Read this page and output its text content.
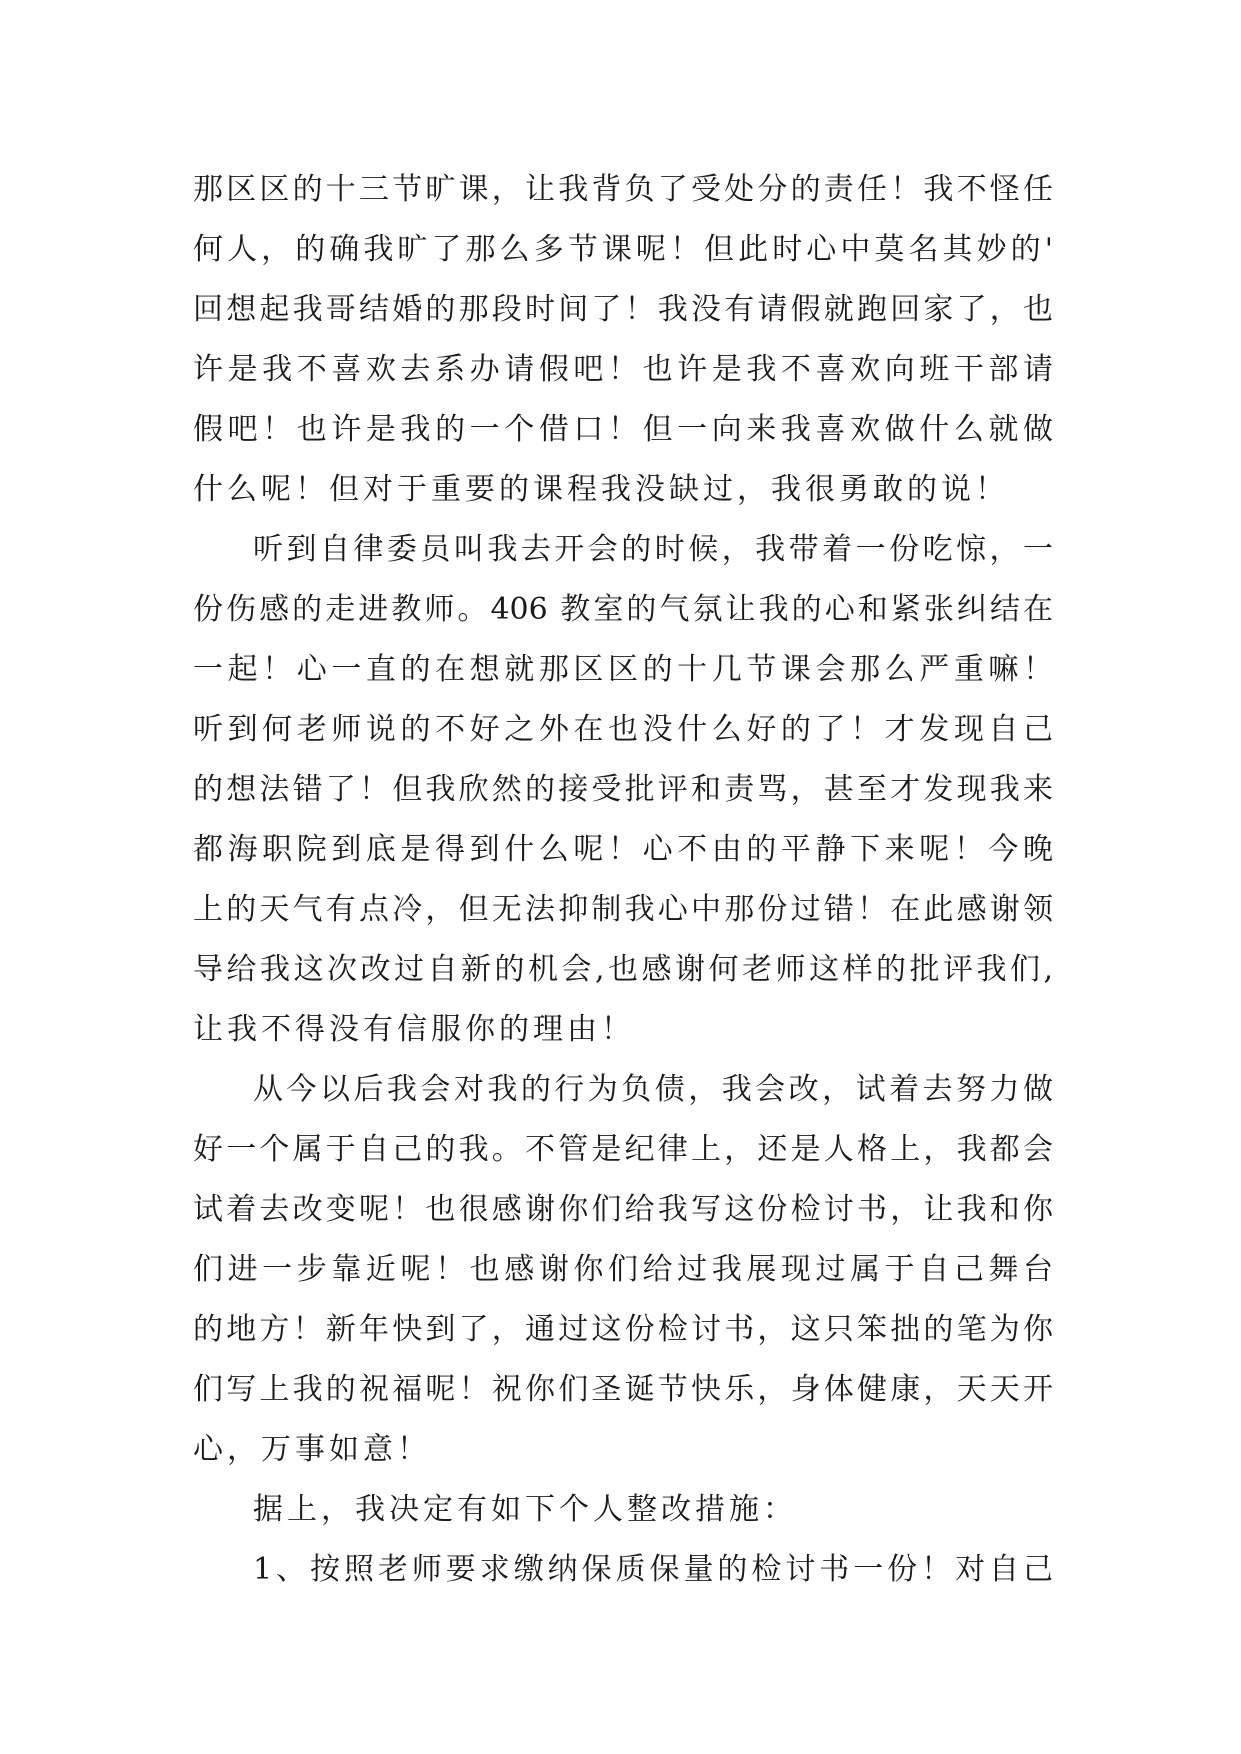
那区区的十三节旷课，让我背负了受处分的责任！我不怪任
何人，的确我旷了那么多节课呢！但此时心中莫名其妙的'
回想起我哥结婚的那段时间了！我没有请假就跑回家了，也
许是我不喜欢去系办请假吧！也许是我不喜欢向班干部请
假吧！也许是我的一个借口！但一向来我喜欢做什么就做
什么呢！但对于重要的课程我没缺过，我很勇敢的说！
听到自律委员叫我去开会的时候，我带着一份吃惊，一
份伤感的走进教师。406 教室的气氛让我的心和紧张纠结在
一起！心一直的在想就那区区的十几节课会那么严重嘛！
听到何老师说的不好之外在也没什么好的了！才发现自己
的想法错了！但我欣然的接受批评和责骂，甚至才发现我来
都海职院到底是得到什么呢！心不由的平静下来呢！今晚
上的天气有点冷，但无法抑制我心中那份过错！在此感谢领
导给我这次改过自新的机会,也感谢何老师这样的批评我们,
让我不得没有信服你的理由！
从今以后我会对我的行为负债，我会改，试着去努力做
好一个属于自己的我。不管是纪律上，还是人格上，我都会
试着去改变呢！也很感谢你们给我写这份检讨书，让我和你
们进一步靠近呢！也感谢你们给过我展现过属于自己舞台
的地方！新年快到了，通过这份检讨书，这只笨拙的笔为你
们写上我的祝福呢！祝你们圣诞节快乐，身体健康，天天开
心，万事如意！
据上，我决定有如下个人整改措施：
1、按照老师要求缴纳保质保量的检讨书一份！对自己
